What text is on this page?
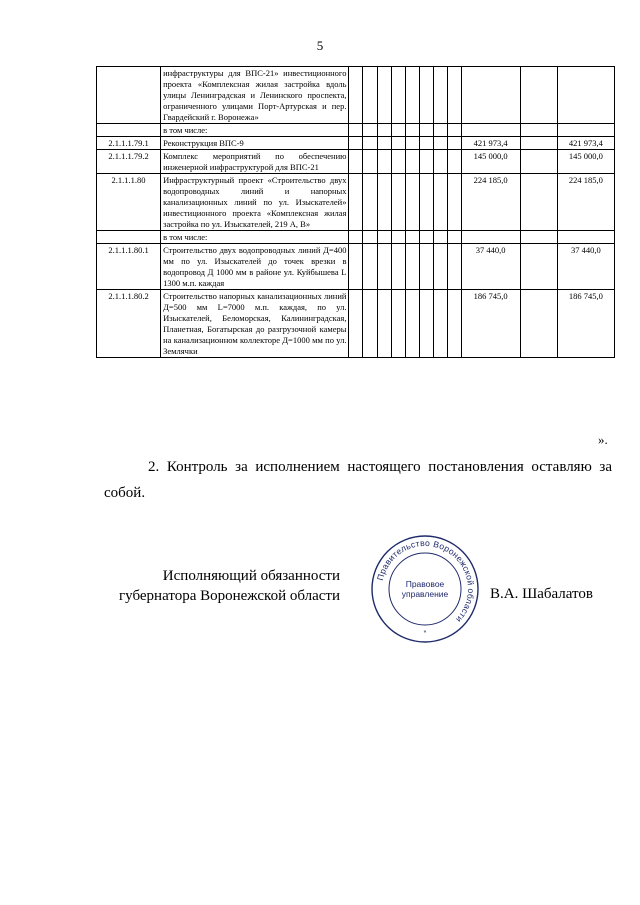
5
	инфраструктуры для ВПС-21» инвестиционного проекта «Комплексная жилая застройка вдоль улицы Ленинградская и Ленинского проспекта, ограниченного улицами Порт-Артурская и пер. Гвардейский г. Воронежа»											
	в том числе:											
2.1.1.1.79.1	Реконструкция ВПС-9									421 973,4		421 973,4
2.1.1.1.79.2	Комплекс мероприятий по обеспечению инженерной инфраструктурой для ВПС-21									145 000,0		145 000,0
2.1.1.1.80	Инфраструктурный проект «Строительство двух водопроводных линий и напорных канализационных линий по ул. Изыскателей» инвестиционного проекта «Комплексная жилая застройка по ул. Изыскателей, 219 А, В»									224 185,0		224 185,0
	в том числе:											
2.1.1.1.80.1	Строительство двух водопроводных линий Д=400 мм по ул. Изыскателей до точек врезки в водопровод Д 1000 мм в районе ул. Куйбышева L 1300 м.п. каждая									37 440,0		37 440,0
2.1.1.1.80.2	Строительство напорных канализационных линий Д=500 мм L=7000 м.п. каждая, по ул. Изыскателей, Беломорская, Калининградская, Планетная, Богатырская до разгрузочной камеры на канализационном коллекторе Д=1000 мм по ул. Землячки									186 745,0		186 745,0
».
2. Контроль за исполнением настоящего постановления оставляю за собой.
Исполняющий обязанности
губернатора Воронежской области	В.А. Шабалатов
Правительство Воронежской области
Правовое
управление
*
